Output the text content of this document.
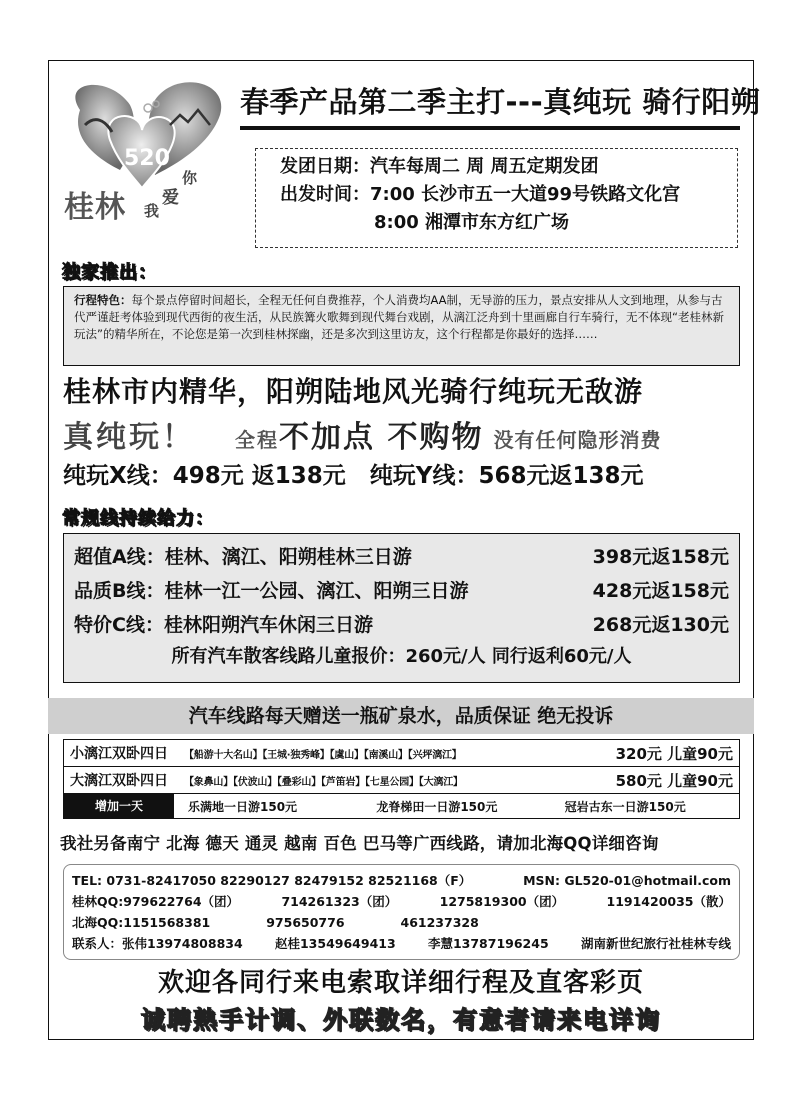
520
桂林 我
爱
你
春季产品第二季主打---真纯玩 骑行阳朔
发团日期：汽车每周二 周 周五定期发团
出发时间：7:00 长沙市五一大道99号铁路文化宫
8:00 湘潭市东方红广场
独家推出：
行程特色：每个景点停留时间超长，全程无任何自费推荐，个人消费均AA制，无导游的压力，景点安排从人文到地理，从参与古代严谨赶考体验到现代西街的夜生活，从民族篝火歌舞到现代舞台戏剧，从漓江泛舟到十里画廊自行车骑行，无不体现“老桂林新玩法”的精华所在，不论您是第一次到桂林探幽，还是多次到这里访友，这个行程都是你最好的选择……
桂林市内精华，阳朔陆地风光骑行纯玩无敌游
真纯玩！ 全程不加点 不购物 没有任何隐形消费
纯玩X线：498元 返138元   纯玩Y线：568元返138元
常规线持续给力：
超值A线：桂林、漓江、阳朔桂林三日游	398元返158元
品质B线：桂林一江一公园、漓江、阳朔三日游	428元返158元
特价C线：桂林阳朔汽车休闲三日游	268元返130元
所有汽车散客线路儿童报价：260元/人 同行返利60元/人
汽车线路每天赠送一瓶矿泉水，品质保证 绝无投诉
小漓江双卧四日	【船游十大名山】【王城·独秀峰】【虞山】【南溪山】【兴坪漓江】	320元 儿童90元
大漓江双卧四日	【象鼻山】【伏波山】【叠彩山】【芦笛岩】【七星公园】【大漓江】	580元 儿童90元
增加一天	乐满地一日游150元	龙脊梯田一日游150元	冠岩古东一日游150元
我社另备南宁 北海 德天 通灵 越南 百色 巴马等广西线路，请加北海QQ详细咨询
TEL: 0731-82417050 82290127 82479152 82521168（F）	MSN: GL520-01@hotmail.com
桂林QQ:979622764（团）	714261323（团）	1275819300（团）	1191420035（散）
北海QQ:1151568381	975650776	461237328
联系人：张伟13974808834	赵桂13549649413	李慧13787196245	湖南新世纪旅行社桂林专线
欢迎各同行来电索取详细行程及直客彩页
诚聘熟手计调、外联数名，有意者请来电详询
